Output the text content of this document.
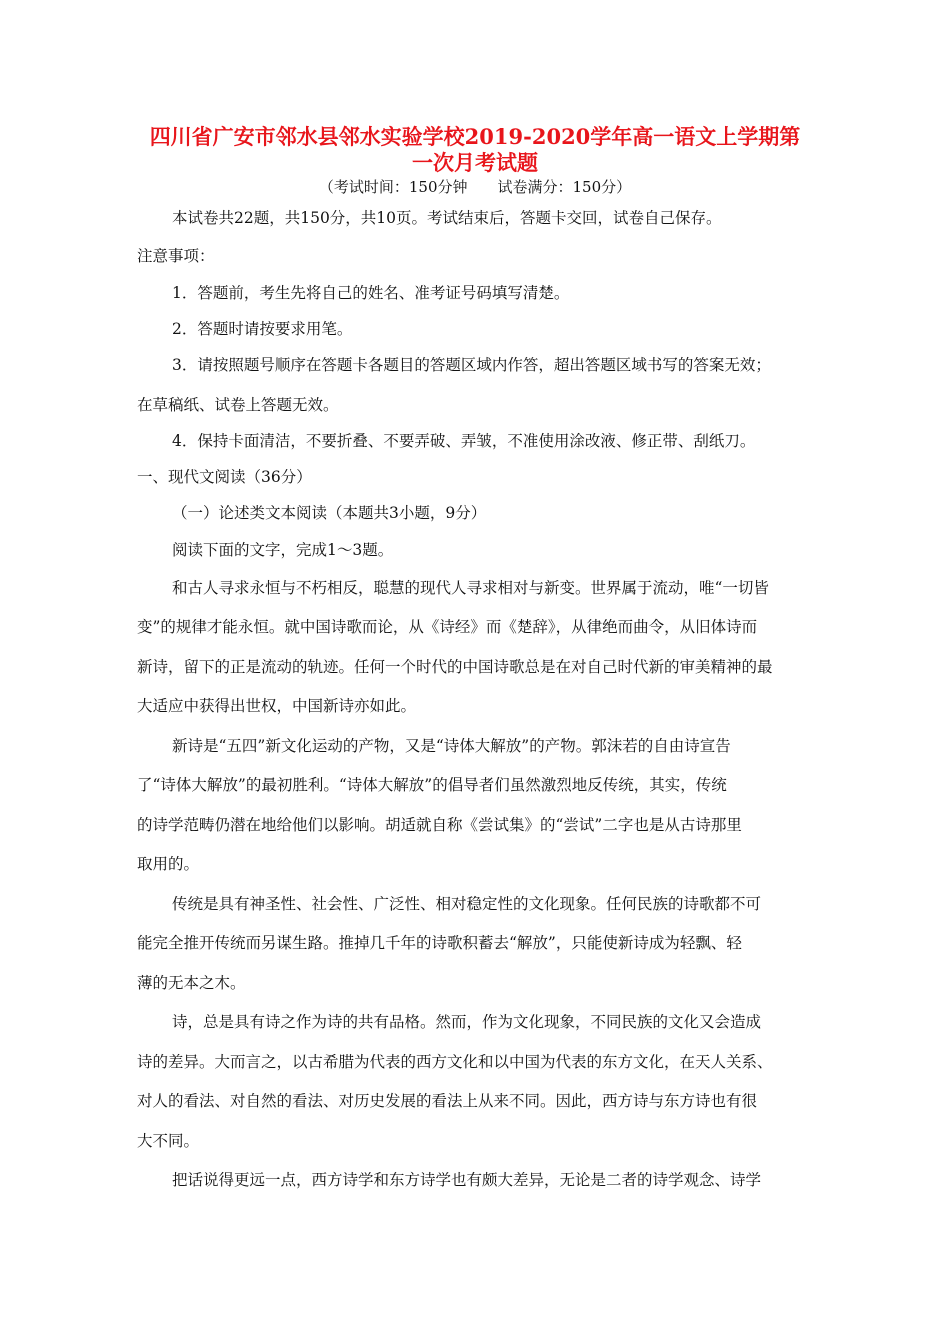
四川省广安市邻水县邻水实验学校2019-2020学年高一语文上学期第
一次月考试题
（考试时间：150分钟　　试卷满分：150分）
本试卷共22题，共150分，共10页。考试结束后，答题卡交回，试卷自己保存。
注意事项：
1．答题前，考生先将自己的姓名、准考证号码填写清楚。
2．答题时请按要求用笔。
3．请按照题号顺序在答题卡各题目的答题区域内作答，超出答题区域书写的答案无效；
在草稿纸、试卷上答题无效。
4．保持卡面清洁，不要折叠、不要弄破、弄皱，不准使用涂改液、修正带、刮纸刀。
一、现代文阅读（36分）
（一）论述类文本阅读（本题共3小题，9分）
阅读下面的文字，完成1～3题。
和古人寻求永恒与不朽相反，聪慧的现代人寻求相对与新变。世界属于流动，唯“一切皆
变”的规律才能永恒。就中国诗歌而论，从《诗经》而《楚辞》，从律绝而曲令，从旧体诗而
新诗，留下的正是流动的轨迹。任何一个时代的中国诗歌总是在对自己时代新的审美精神的最
大适应中获得出世权，中国新诗亦如此。
新诗是“五四”新文化运动的产物，又是“诗体大解放”的产物。郭沫若的自由诗宣告
了“诗体大解放”的最初胜利。“诗体大解放”的倡导者们虽然激烈地反传统，其实，传统
的诗学范畴仍潜在地给他们以影响。胡适就自称《尝试集》的“尝试”二字也是从古诗那里
取用的。
传统是具有神圣性、社会性、广泛性、相对稳定性的文化现象。任何民族的诗歌都不可
能完全推开传统而另谋生路。推掉几千年的诗歌积蓄去“解放”，只能使新诗成为轻飘、轻
薄的无本之木。
诗，总是具有诗之作为诗的共有品格。然而，作为文化现象，不同民族的文化又会造成
诗的差异。大而言之，以古希腊为代表的西方文化和以中国为代表的东方文化，在天人关系、
对人的看法、对自然的看法、对历史发展的看法上从来不同。因此，西方诗与东方诗也有很
大不同。
把话说得更远一点，西方诗学和东方诗学也有颇大差异，无论是二者的诗学观念、诗学
